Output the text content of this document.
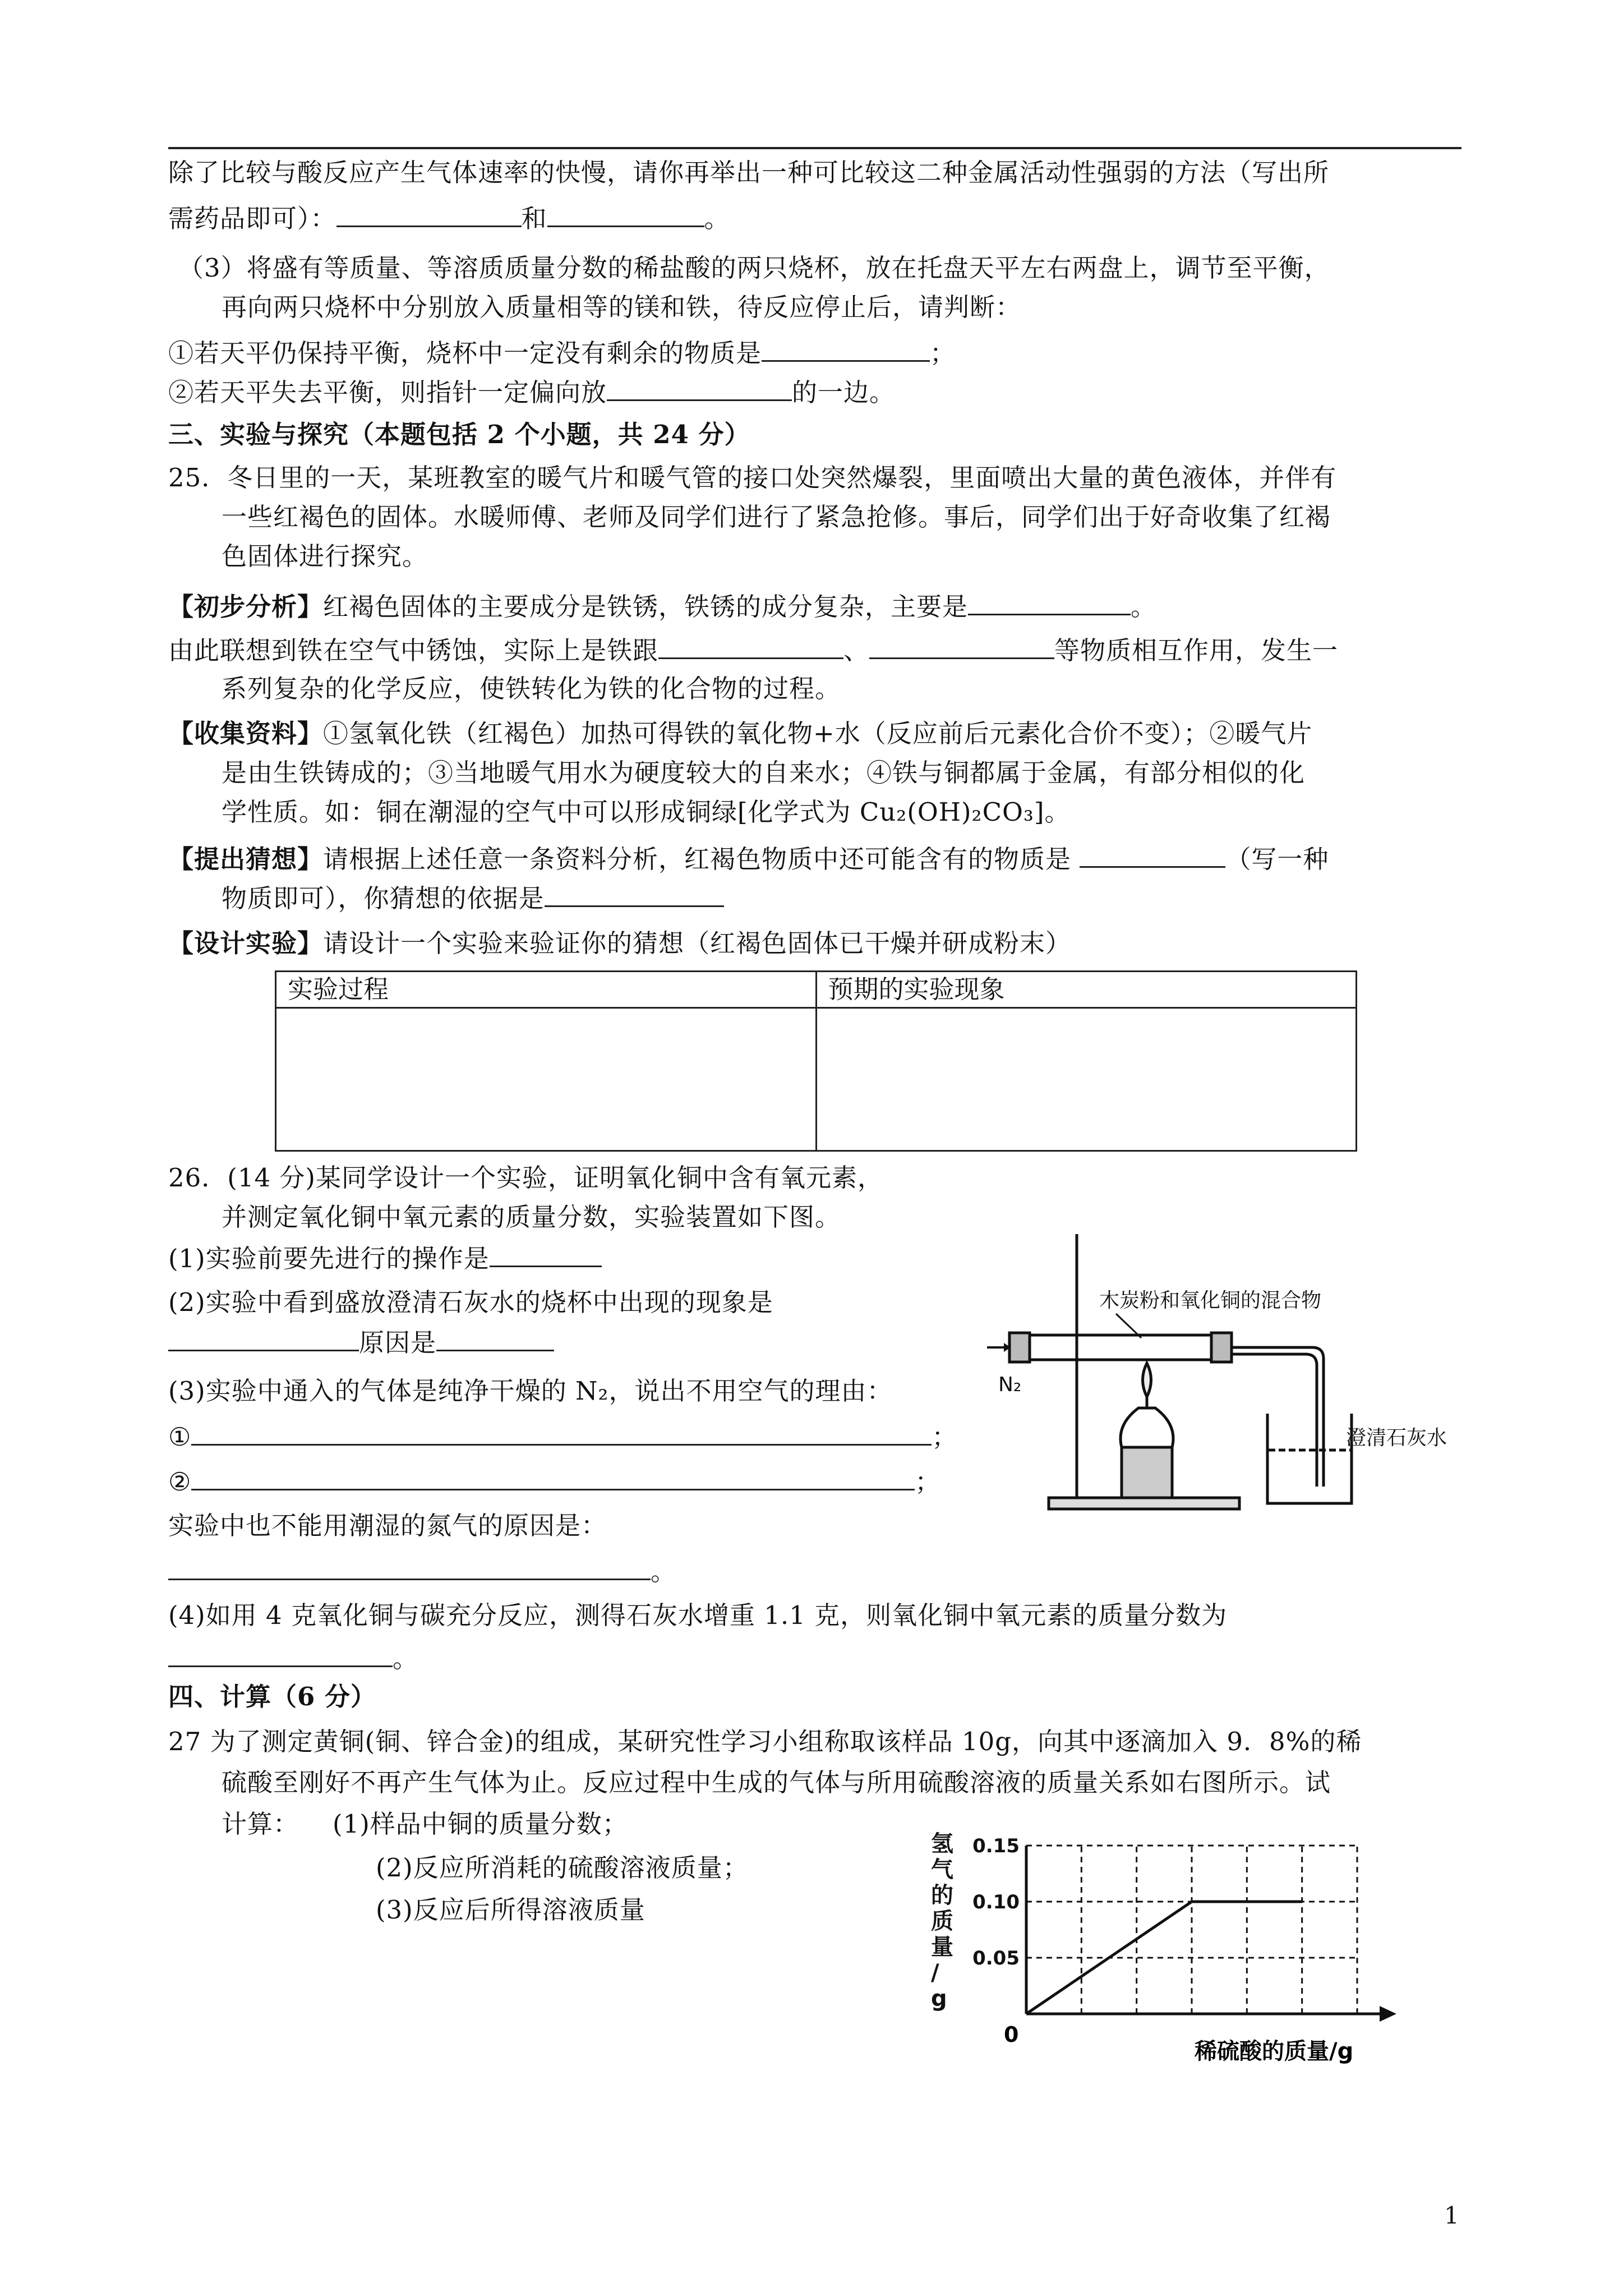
除了比较与酸反应产生气体速率的快慢，请你再举出一种可比较这二种金属活动性强弱的方法（写出所
需药品即可）：	和	。
（3）将盛有等质量、等溶质质量分数的稀盐酸的两只烧杯，放在托盘天平左右两盘上，调节至平衡，
再向两只烧杯中分别放入质量相等的镁和铁，待反应停止后，请判断：
①若天平仍保持平衡，烧杯中一定没有剩余的物质是	；
②若天平失去平衡，则指针一定偏向放	的一边。
三、实验与探究（本题包括 2 个小题，共 24 分）
25．冬日里的一天，某班教室的暖气片和暖气管的接口处突然爆裂，里面喷出大量的黄色液体，并伴有
一些红褐色的固体。水暖师傅、老师及同学们进行了紧急抢修。事后，同学们出于好奇收集了红褐
色固体进行探究。
【初步分析】红褐色固体的主要成分是铁锈，铁锈的成分复杂，主要是	。
由此联想到铁在空气中锈蚀，实际上是铁跟	、	等物质相互作用，发生一
系列复杂的化学反应，使铁转化为铁的化合物的过程。
【收集资料】①氢氧化铁（红褐色）加热可得铁的氧化物+水（反应前后元素化合价不变）；②暖气片
是由生铁铸成的；③当地暖气用水为硬度较大的自来水；④铁与铜都属于金属，有部分相似的化
学性质。如：铜在潮湿的空气中可以形成铜绿[化学式为 Cu₂(OH)₂CO₃]。
【提出猜想】请根据上述任意一条资料分析，红褐色物质中还可能含有的物质是	（写一种
物质即可），你猜想的依据是
【设计实验】请设计一个实验来验证你的猜想（红褐色固体已干燥并研成粉末）
实验过程	预期的实验现象

26．(14 分)某同学设计一个实验，证明氧化铜中含有氧元素，
并测定氧化铜中氧元素的质量分数，实验装置如下图。
(1)实验前要先进行的操作是
(2)实验中看到盛放澄清石灰水的烧杯中出现的现象是
原因是
(3)实验中通入的气体是纯净干燥的 N₂，说出不用空气的理由：
①	；
②	；
实验中也不能用潮湿的氮气的原因是：
。
(4)如用 4 克氧化铜与碳充分反应，测得石灰水增重 1.1 克，则氧化铜中氧元素的质量分数为
。
木炭粉和氧化铜的混合物
N₂
澄清石灰水
四、计算（6 分）
27 为了测定黄铜(铜、锌合金)的组成，某研究性学习小组称取该样品 10g，向其中逐滴加入 9．8%的稀
硫酸至刚好不再产生气体为止。反应过程中生成的气体与所用硫酸溶液的质量关系如右图所示。试
计算： (1)样品中铜的质量分数；
(2)反应所消耗的硫酸溶液质量；
(3)反应后所得溶液质量
氢
气
的
质
量
/
g
0.15
0.10
0.05
0
稀硫酸的质量/g
1
